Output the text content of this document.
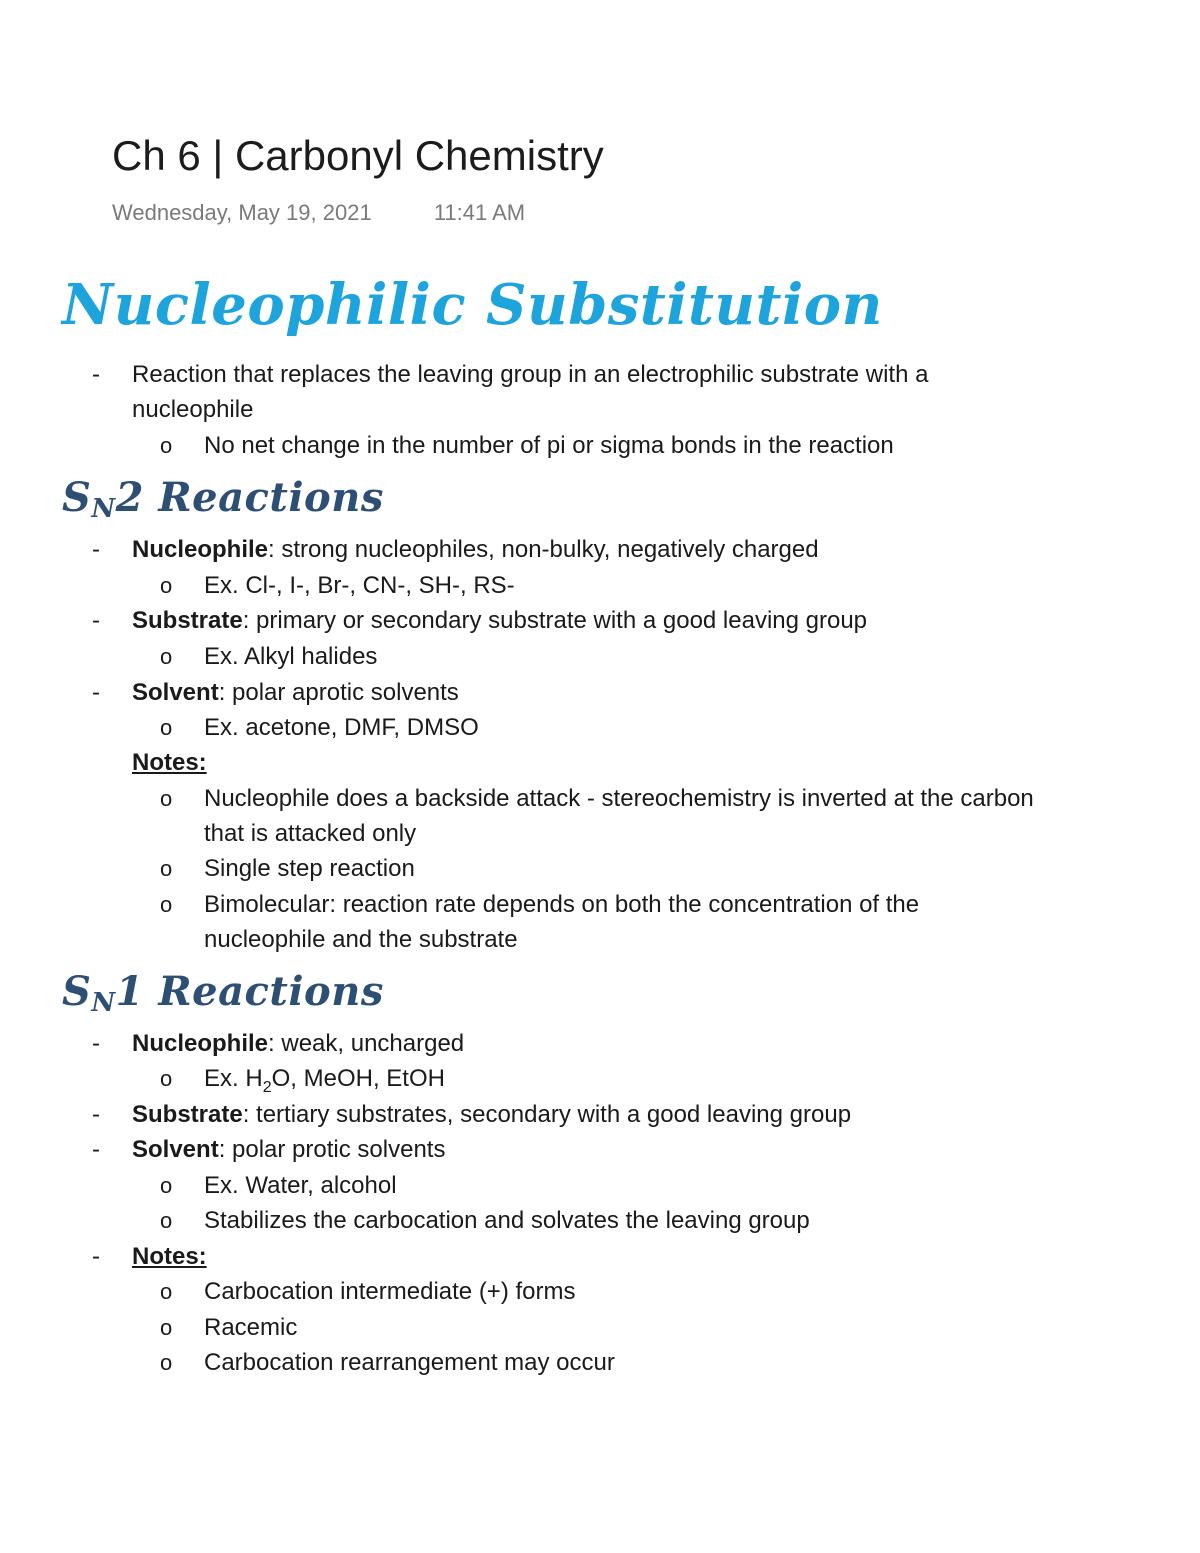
Ch 6 | Carbonyl Chemistry
Wednesday, May 19, 2021	11:41 AM
Nucleophilic Substitution
- Reaction that replaces the leaving group in an electrophilic substrate with a
nucleophile
o No net change in the number of pi or sigma bonds in the reaction
SN2 Reactions
- Nucleophile: strong nucleophiles, non-bulky, negatively charged
o Ex. Cl-, I-, Br-, CN-, SH-, RS-
- Substrate: primary or secondary substrate with a good leaving group
o Ex. Alkyl halides
- Solvent: polar aprotic solvents
o Ex. acetone, DMF, DMSO
Notes:
o Nucleophile does a backside attack - stereochemistry is inverted at the carbon
that is attacked only
o Single step reaction
o Bimolecular: reaction rate depends on both the concentration of the
nucleophile and the substrate
SN1 Reactions
- Nucleophile: weak, uncharged
o Ex. $H_2O$, MeOH, EtOH
- Substrate: tertiary substrates, secondary with a good leaving group
- Solvent: polar protic solvents
o Ex. Water, alcohol
o Stabilizes the carbocation and solvates the leaving group
- Notes:
o Carbocation intermediate (+) forms
o Racemic
o Carbocation rearrangement may occur
